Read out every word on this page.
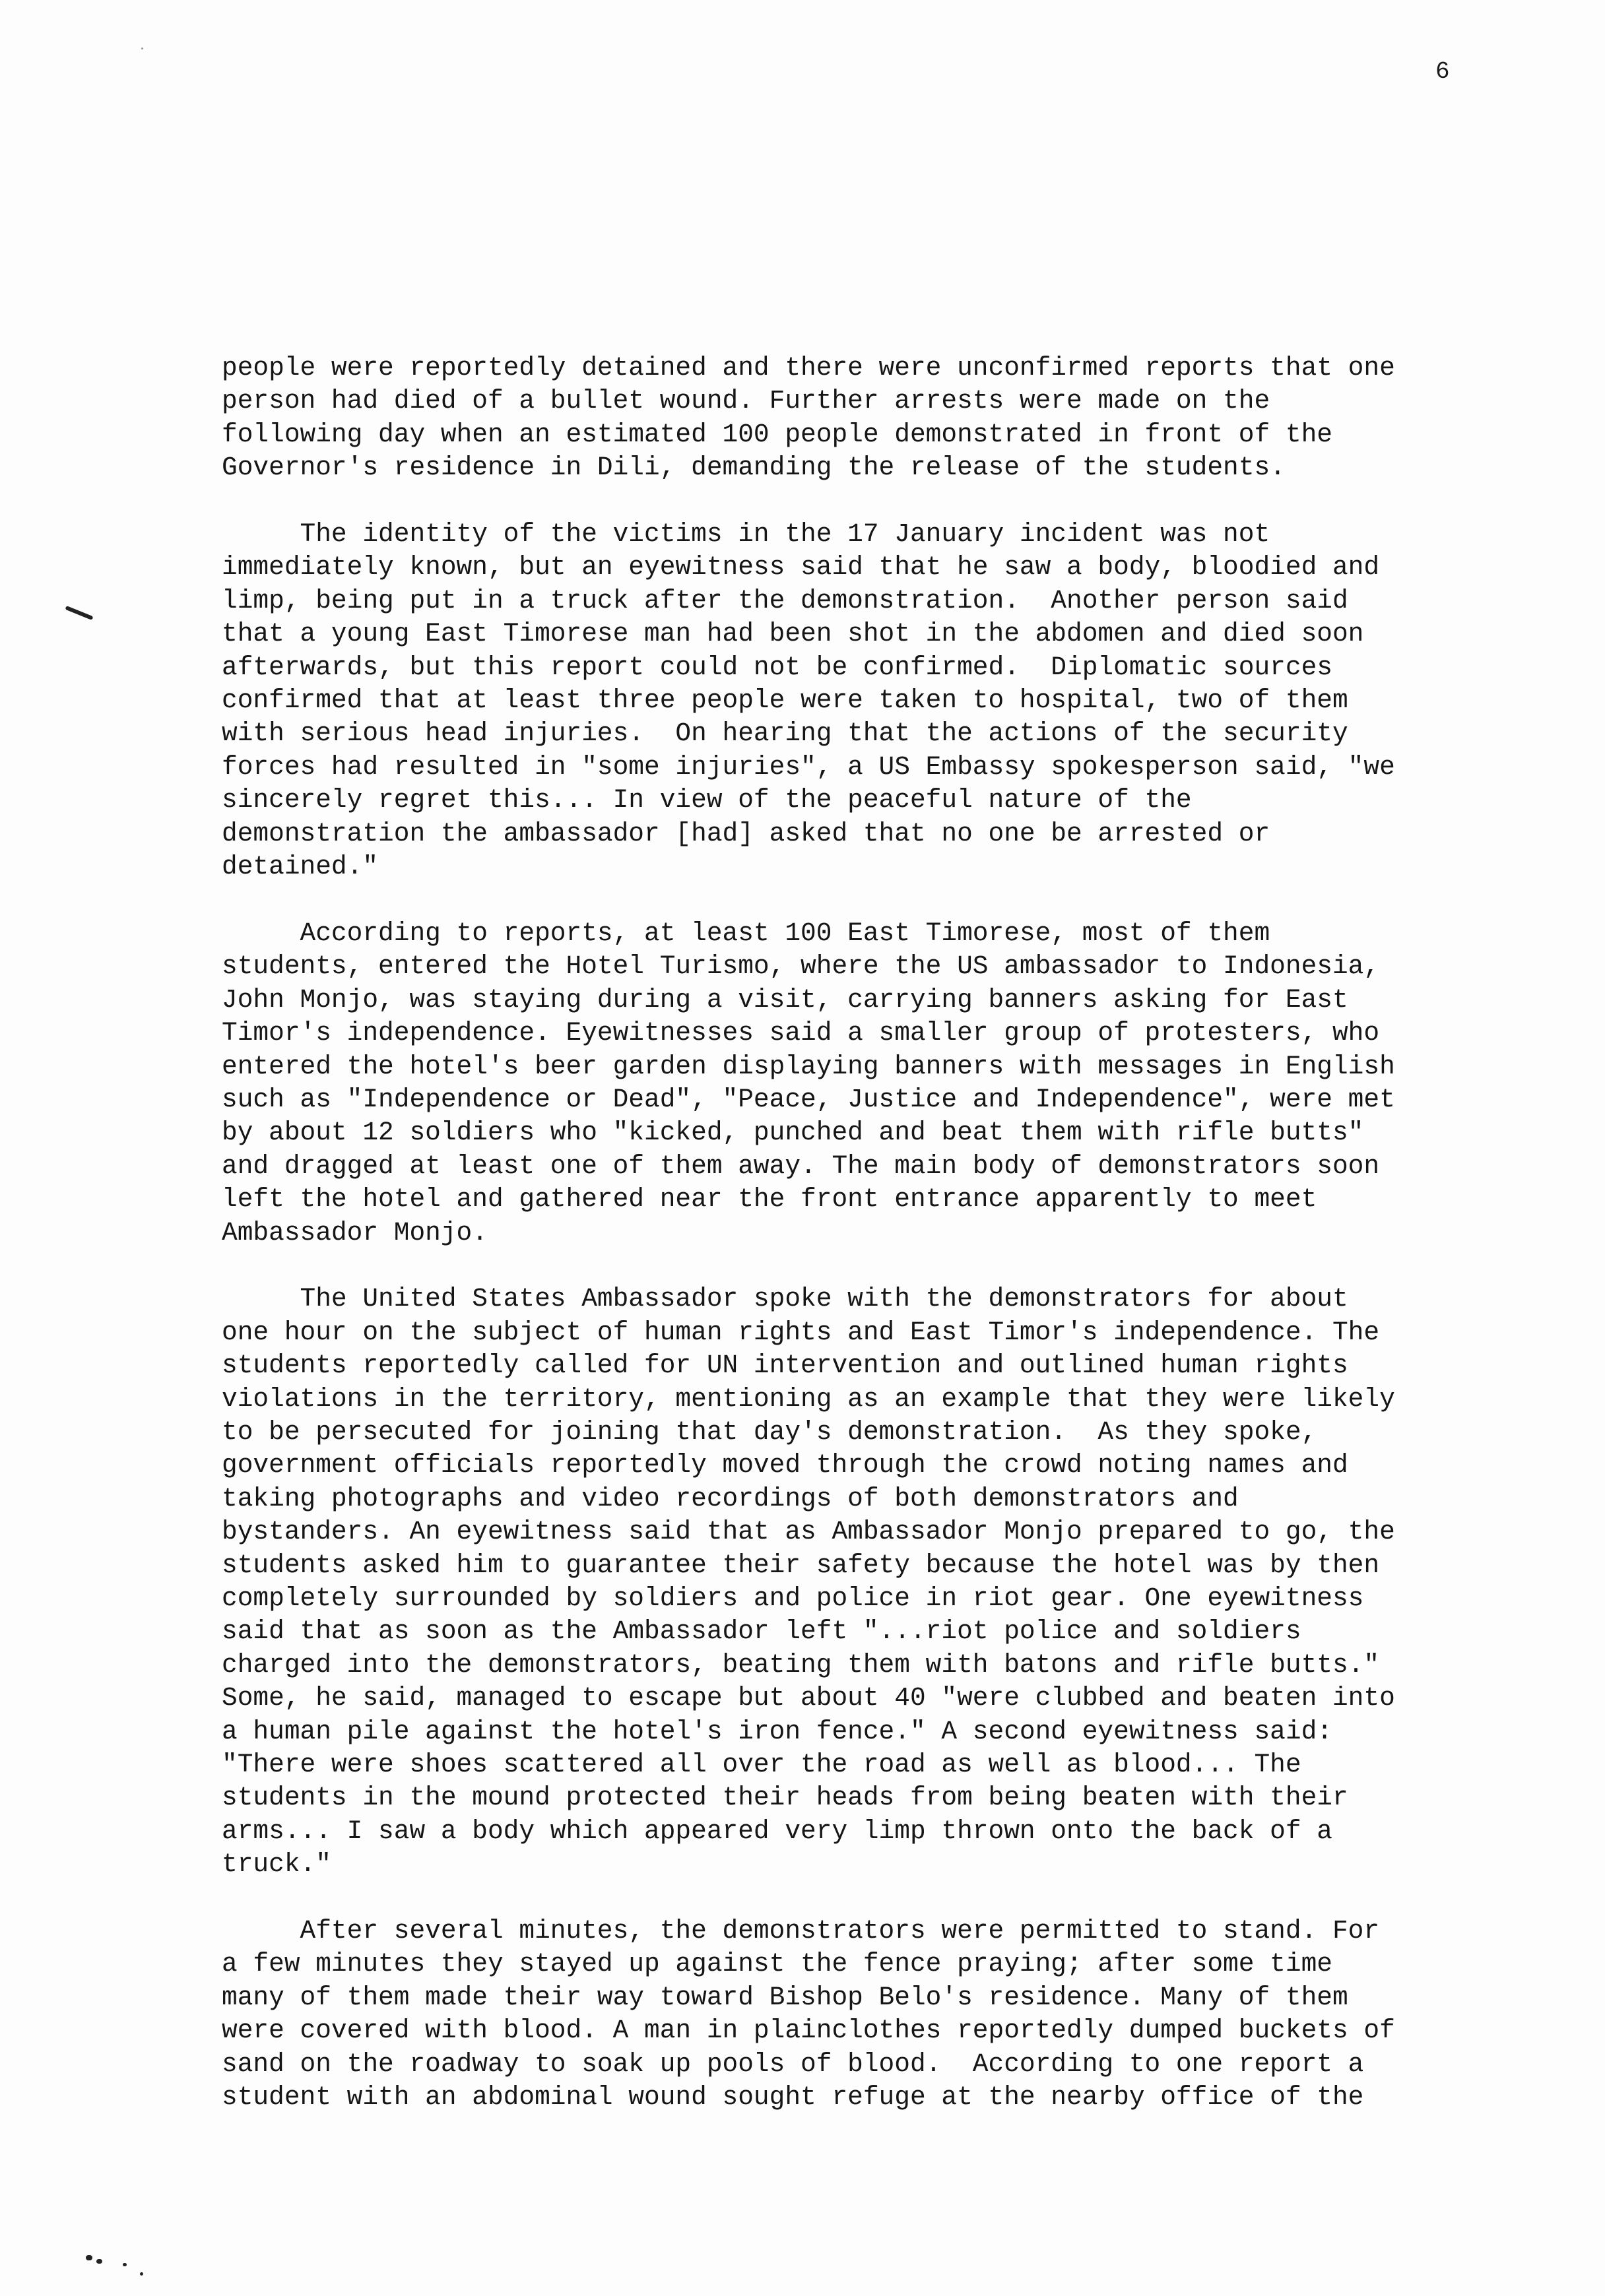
6
people were reportedly detained and there were unconfirmed reports that one
person had died of a bullet wound. Further arrests were made on the
following day when an estimated 100 people demonstrated in front of the
Governor's residence in Dili, demanding the release of the students.
The identity of the victims in the 17 January incident was not
immediately known, but an eyewitness said that he saw a body, bloodied and
limp, being put in a truck after the demonstration.  Another person said
that a young East Timorese man had been shot in the abdomen and died soon
afterwards, but this report could not be confirmed.  Diplomatic sources
confirmed that at least three people were taken to hospital, two of them
with serious head injuries.  On hearing that the actions of the security
forces had resulted in "some injuries", a US Embassy spokesperson said, "we
sincerely regret this... In view of the peaceful nature of the
demonstration the ambassador [had] asked that no one be arrested or
detained."
According to reports, at least 100 East Timorese, most of them
students, entered the Hotel Turismo, where the US ambassador to Indonesia,
John Monjo, was staying during a visit, carrying banners asking for East
Timor's independence. Eyewitnesses said a smaller group of protesters, who
entered the hotel's beer garden displaying banners with messages in English
such as "Independence or Dead", "Peace, Justice and Independence", were met
by about 12 soldiers who "kicked, punched and beat them with rifle butts"
and dragged at least one of them away. The main body of demonstrators soon
left the hotel and gathered near the front entrance apparently to meet
Ambassador Monjo.
The United States Ambassador spoke with the demonstrators for about
one hour on the subject of human rights and East Timor's independence. The
students reportedly called for UN intervention and outlined human rights
violations in the territory, mentioning as an example that they were likely
to be persecuted for joining that day's demonstration.  As they spoke,
government officials reportedly moved through the crowd noting names and
taking photographs and video recordings of both demonstrators and
bystanders. An eyewitness said that as Ambassador Monjo prepared to go, the
students asked him to guarantee their safety because the hotel was by then
completely surrounded by soldiers and police in riot gear. One eyewitness
said that as soon as the Ambassador left "...riot police and soldiers
charged into the demonstrators, beating them with batons and rifle butts."
Some, he said, managed to escape but about 40 "were clubbed and beaten into
a human pile against the hotel's iron fence." A second eyewitness said:
"There were shoes scattered all over the road as well as blood... The
students in the mound protected their heads from being beaten with their
arms... I saw a body which appeared very limp thrown onto the back of a
truck."
After several minutes, the demonstrators were permitted to stand. For
a few minutes they stayed up against the fence praying; after some time
many of them made their way toward Bishop Belo's residence. Many of them
were covered with blood. A man in plainclothes reportedly dumped buckets of
sand on the roadway to soak up pools of blood.  According to one report a
student with an abdominal wound sought refuge at the nearby office of the
